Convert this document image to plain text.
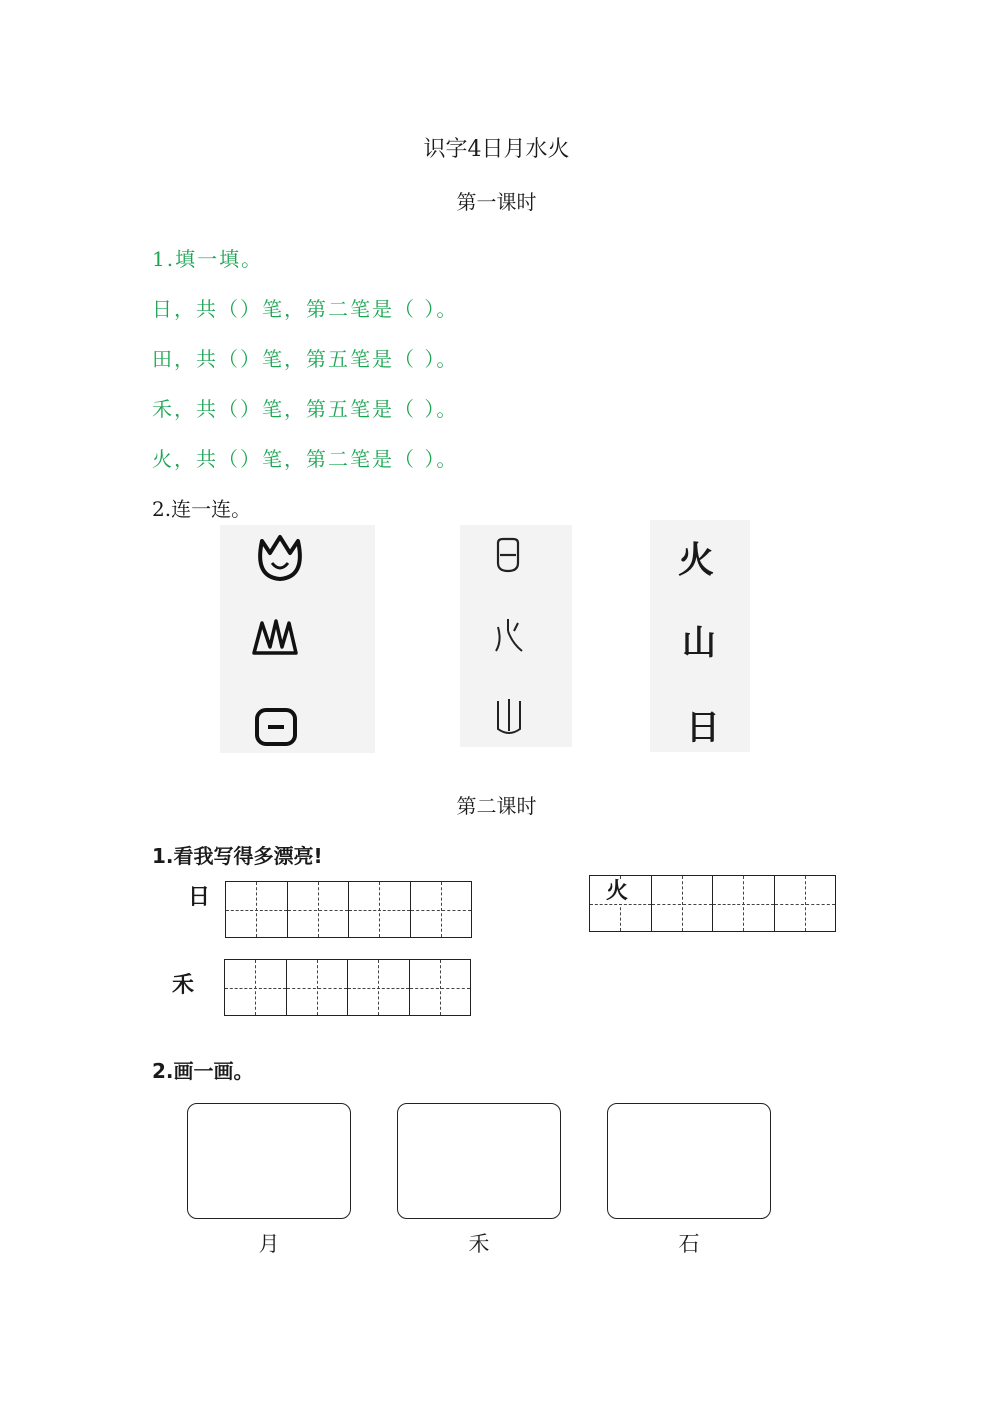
识字4日月水火
第一课时
1.填一填。
日，共（）笔，第二笔是（ ）。
田，共（）笔，第五笔是（ ）。
禾，共（）笔，第五笔是（ ）。
火，共（）笔，第二笔是（ ）。
2.连一连。
火
山
日
第二课时
1.看我写得多漂亮!
日	火
禾
2.画一画。
月	禾	石
